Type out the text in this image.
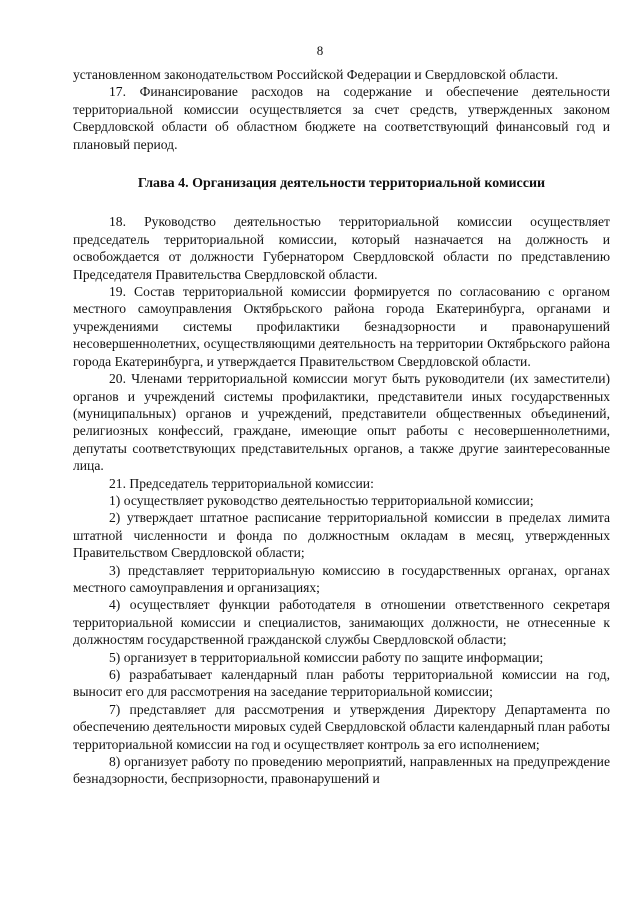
8

установленном законодательством Российской Федерации и Свердловской области.

17. Финансирование расходов на содержание и обеспечение деятельности территориальной комиссии осуществляется за счет средств, утвержденных законом Свердловской области об областном бюджете на соответствующий финансовый год и плановый период.

Глава 4. Организация деятельности территориальной комиссии

18. Руководство деятельностью территориальной комиссии осуществляет председатель территориальной комиссии, который назначается на должность и освобождается от должности Губернатором Свердловской области по представлению Председателя Правительства Свердловской области.

19. Состав территориальной комиссии формируется по согласованию с органом местного самоуправления Октябрьского района города Екатеринбурга, органами и учреждениями системы профилактики безнадзорности и правонарушений несовершеннолетних, осуществляющими деятельность на территории Октябрьского района города Екатеринбурга, и утверждается Правительством Свердловской области.

20. Членами территориальной комиссии могут быть руководители (их заместители) органов и учреждений системы профилактики, представители иных государственных (муниципальных) органов и учреждений, представители общественных объединений, религиозных конфессий, граждане, имеющие опыт работы с несовершеннолетними, депутаты соответствующих представительных органов, а также другие заинтересованные лица.

21. Председатель территориальной комиссии:

1) осуществляет руководство деятельностью территориальной комиссии;

2) утверждает штатное расписание территориальной комиссии в пределах лимита штатной численности и фонда по должностным окладам в месяц, утвержденных Правительством Свердловской области;

3) представляет территориальную комиссию в государственных органах, органах местного самоуправления и организациях;

4) осуществляет функции работодателя в отношении ответственного секретаря территориальной комиссии и специалистов, занимающих должности, не отнесенные к должностям государственной гражданской службы Свердловской области;

5) организует в территориальной комиссии работу по защите информации;

6) разрабатывает календарный план работы территориальной комиссии на год, выносит его для рассмотрения на заседание территориальной комиссии;

7) представляет для рассмотрения и утверждения Директору Департамента по обеспечению деятельности мировых судей Свердловской области календарный план работы территориальной комиссии на год и осуществляет контроль за его исполнением;

8) организует работу по проведению мероприятий, направленных на предупреждение безнадзорности, беспризорности, правонарушений и
